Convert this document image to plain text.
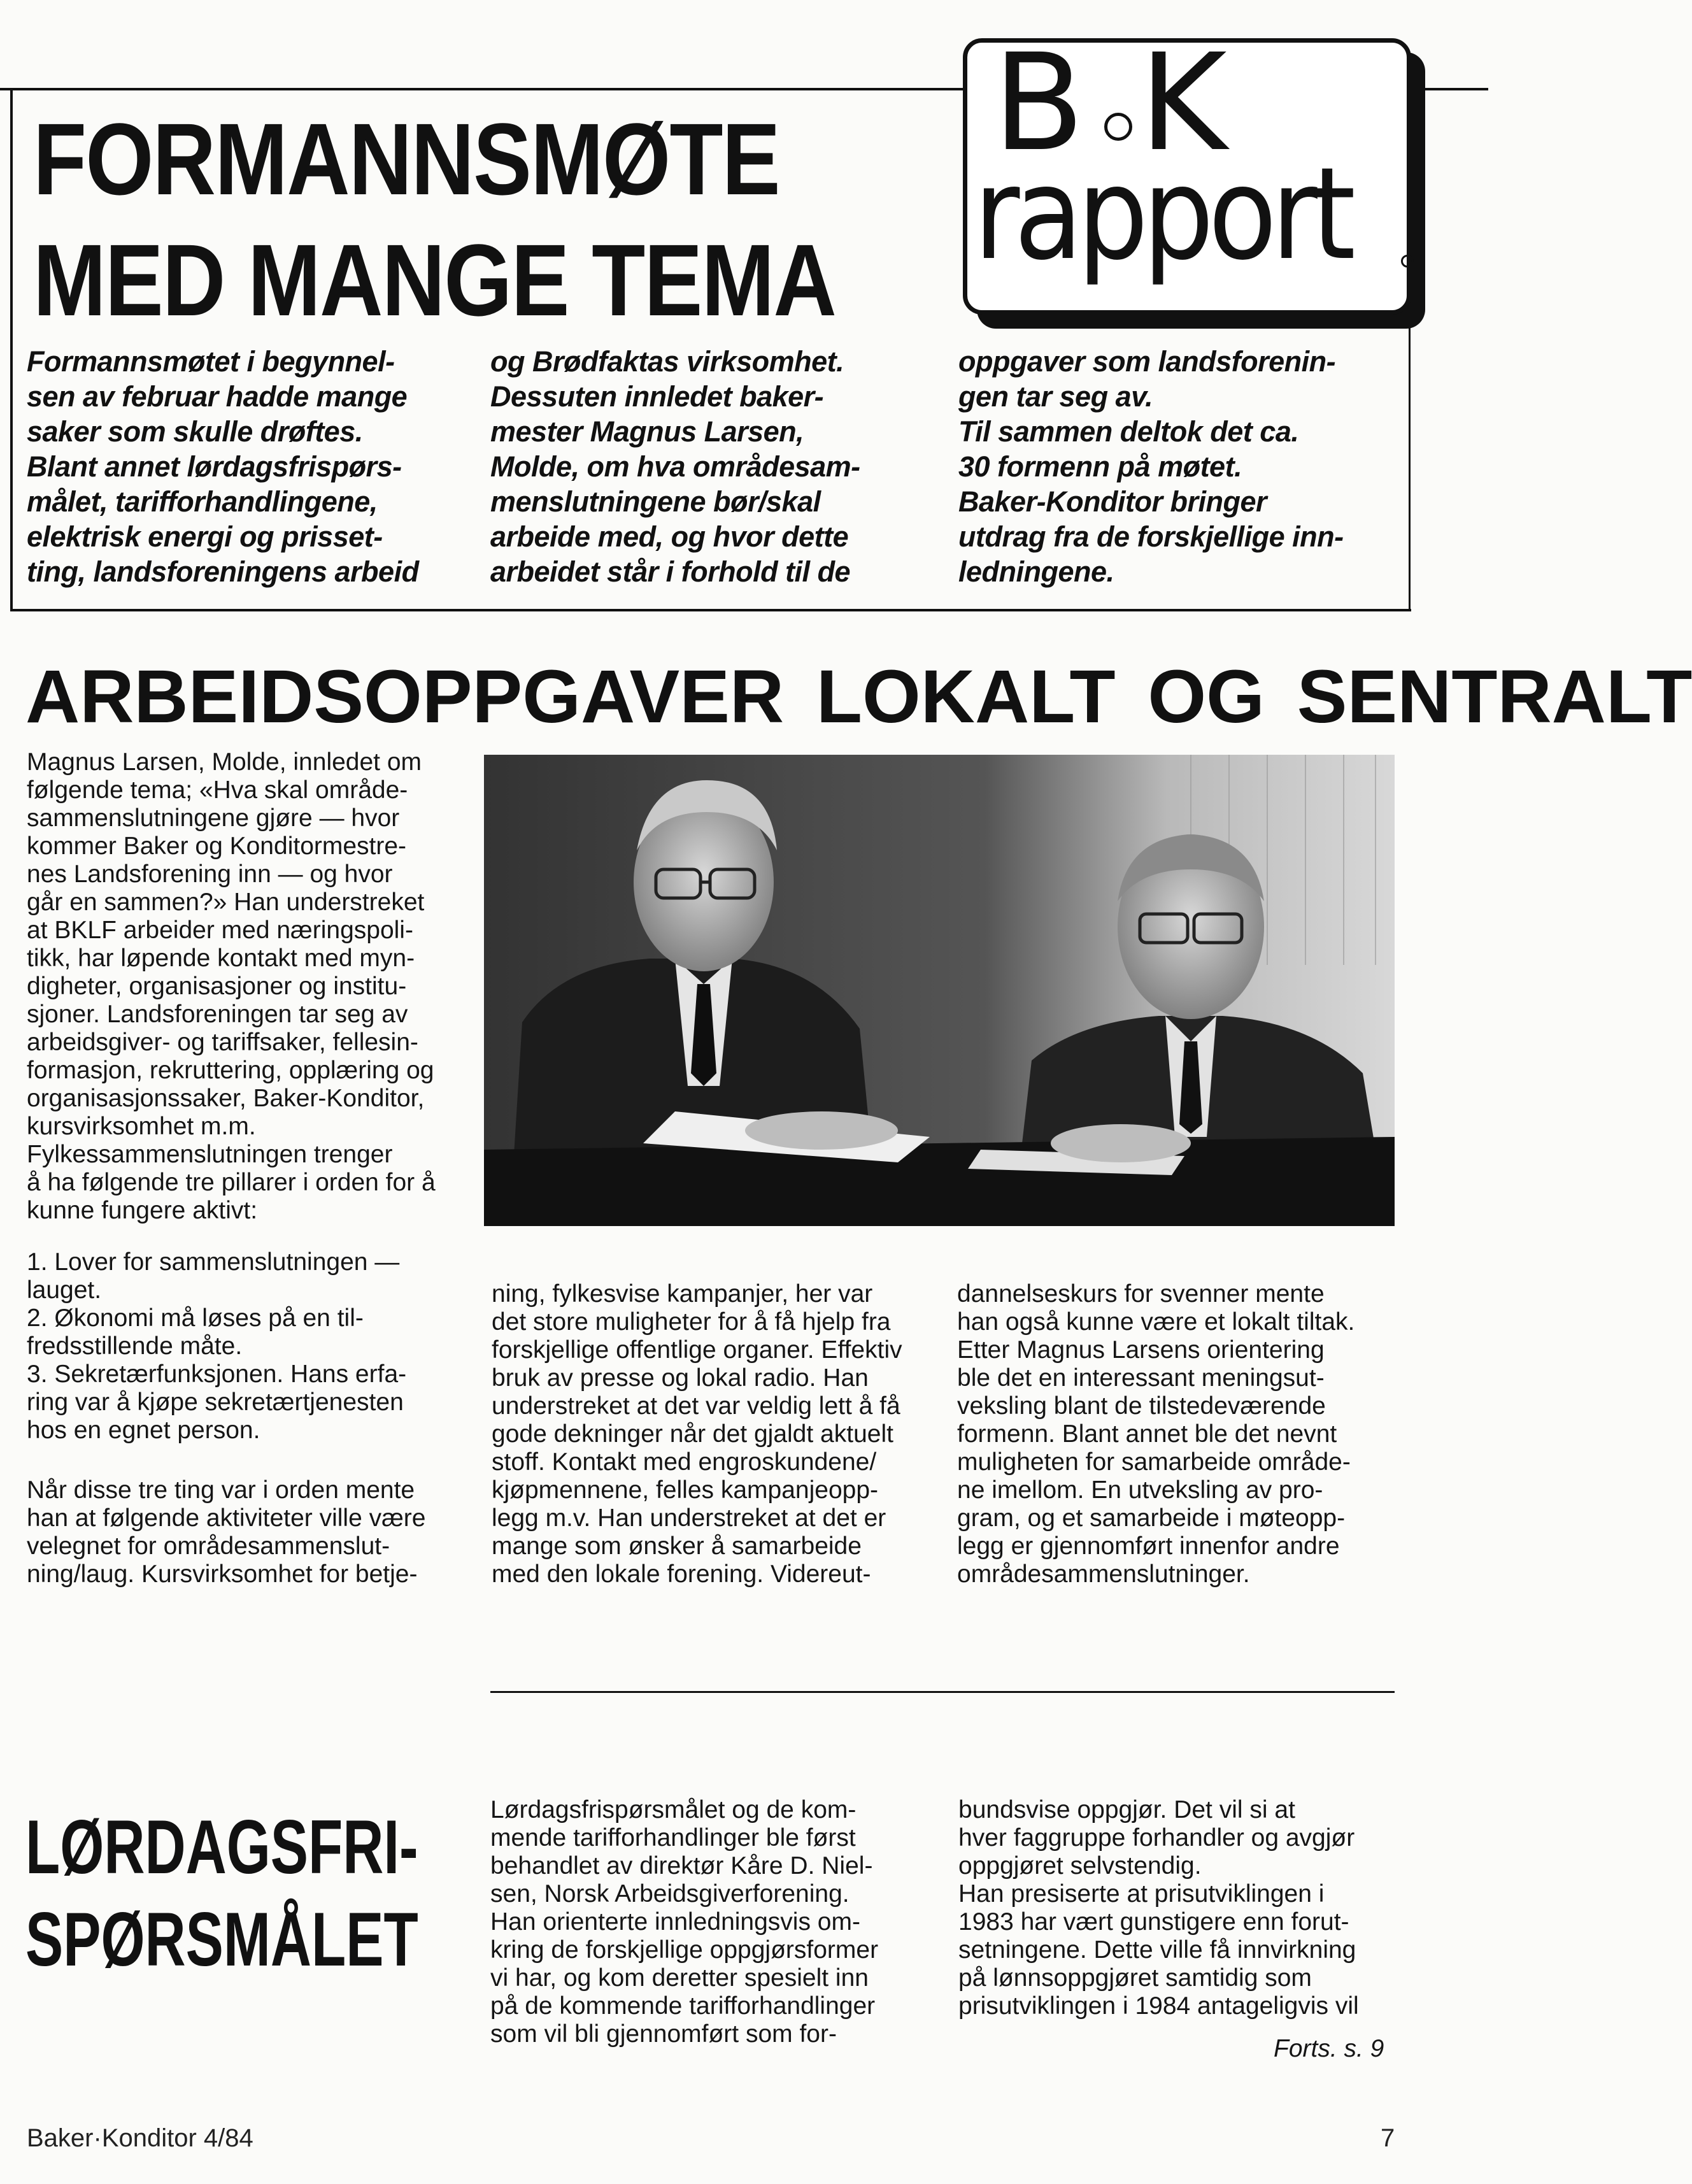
FORMANNSMØTE
MED MANGE TEMA
B K
rapport
Formannsmøtet i begynnel-
sen av februar hadde mange
saker som skulle drøftes.
Blant annet lørdagsfrispørs-
målet, tarifforhandlingene,
elektrisk energi og prisset-
ting, landsforeningens arbeid
og Brødfaktas virksomhet.
Dessuten innledet baker-
mester Magnus Larsen,
Molde, om hva områdesam-
menslutningene bør/skal
arbeide med, og hvor dette
arbeidet står i forhold til de
oppgaver som landsforenin-
gen tar seg av.
Til sammen deltok det ca.
30 formenn på møtet.
Baker-Konditor bringer
utdrag fra de forskjellige inn-
ledningene.
ARBEIDSOPPGAVER LOKALT OG SENTRALT
Magnus Larsen, Molde, innledet om
følgende tema; «Hva skal område-
sammenslutningene gjøre — hvor
kommer Baker og Konditormestre-
nes Landsforening inn — og hvor
går en sammen?» Han understreket
at BKLF arbeider med næringspoli-
tikk, har løpende kontakt med myn-
digheter, organisasjoner og institu-
sjoner. Landsforeningen tar seg av
arbeidsgiver- og tariffsaker, fellesin-
formasjon, rekruttering, opplæring og
organisasjonssaker, Baker-Konditor,
kursvirksomhet m.m.
Fylkessammenslutningen trenger
å ha følgende tre pillarer i orden for å
kunne fungere aktivt:
1. Lover for sammenslutningen —
lauget.
2. Økonomi må løses på en til-
fredsstillende måte.
3. Sekretærfunksjonen. Hans erfa-
ring var å kjøpe sekretærtjenesten
hos en egnet person.
Når disse tre ting var i orden mente
han at følgende aktiviteter ville være
velegnet for områdesammenslut-
ning/laug. Kursvirksomhet for betje-
ning, fylkesvise kampanjer, her var
det store muligheter for å få hjelp fra
forskjellige offentlige organer. Effektiv
bruk av presse og lokal radio. Han
understreket at det var veldig lett å få
gode dekninger når det gjaldt aktuelt
stoff. Kontakt med engroskundene/
kjøpmennene, felles kampanjeopp-
legg m.v. Han understreket at det er
mange som ønsker å samarbeide
med den lokale forening. Videreut-
dannelseskurs for svenner mente
han også kunne være et lokalt tiltak.
Etter Magnus Larsens orientering
ble det en interessant meningsut-
veksling blant de tilstedeværende
formenn. Blant annet ble det nevnt
muligheten for samarbeide område-
ne imellom. En utveksling av pro-
gram, og et samarbeide i møteopp-
legg er gjennomført innenfor andre
områdesammenslutninger.
LØRDAGSFRI-
SPØRSMÅLET
Lørdagsfrispørsmålet og de kom-
mende tarifforhandlinger ble først
behandlet av direktør Kåre D. Niel-
sen, Norsk Arbeidsgiverforening.
Han orienterte innledningsvis om-
kring de forskjellige oppgjørsformer
vi har, og kom deretter spesielt inn
på de kommende tarifforhandlinger
som vil bli gjennomført som for-
bundsvise oppgjør. Det vil si at
hver faggruppe forhandler og avgjør
oppgjøret selvstendig.
Han presiserte at prisutviklingen i
1983 har vært gunstigere enn forut-
setningene. Dette ville få innvirkning
på lønnsoppgjøret samtidig som
prisutviklingen i 1984 antageligvis vil
Forts. s. 9
Baker·Konditor 4/84	7
